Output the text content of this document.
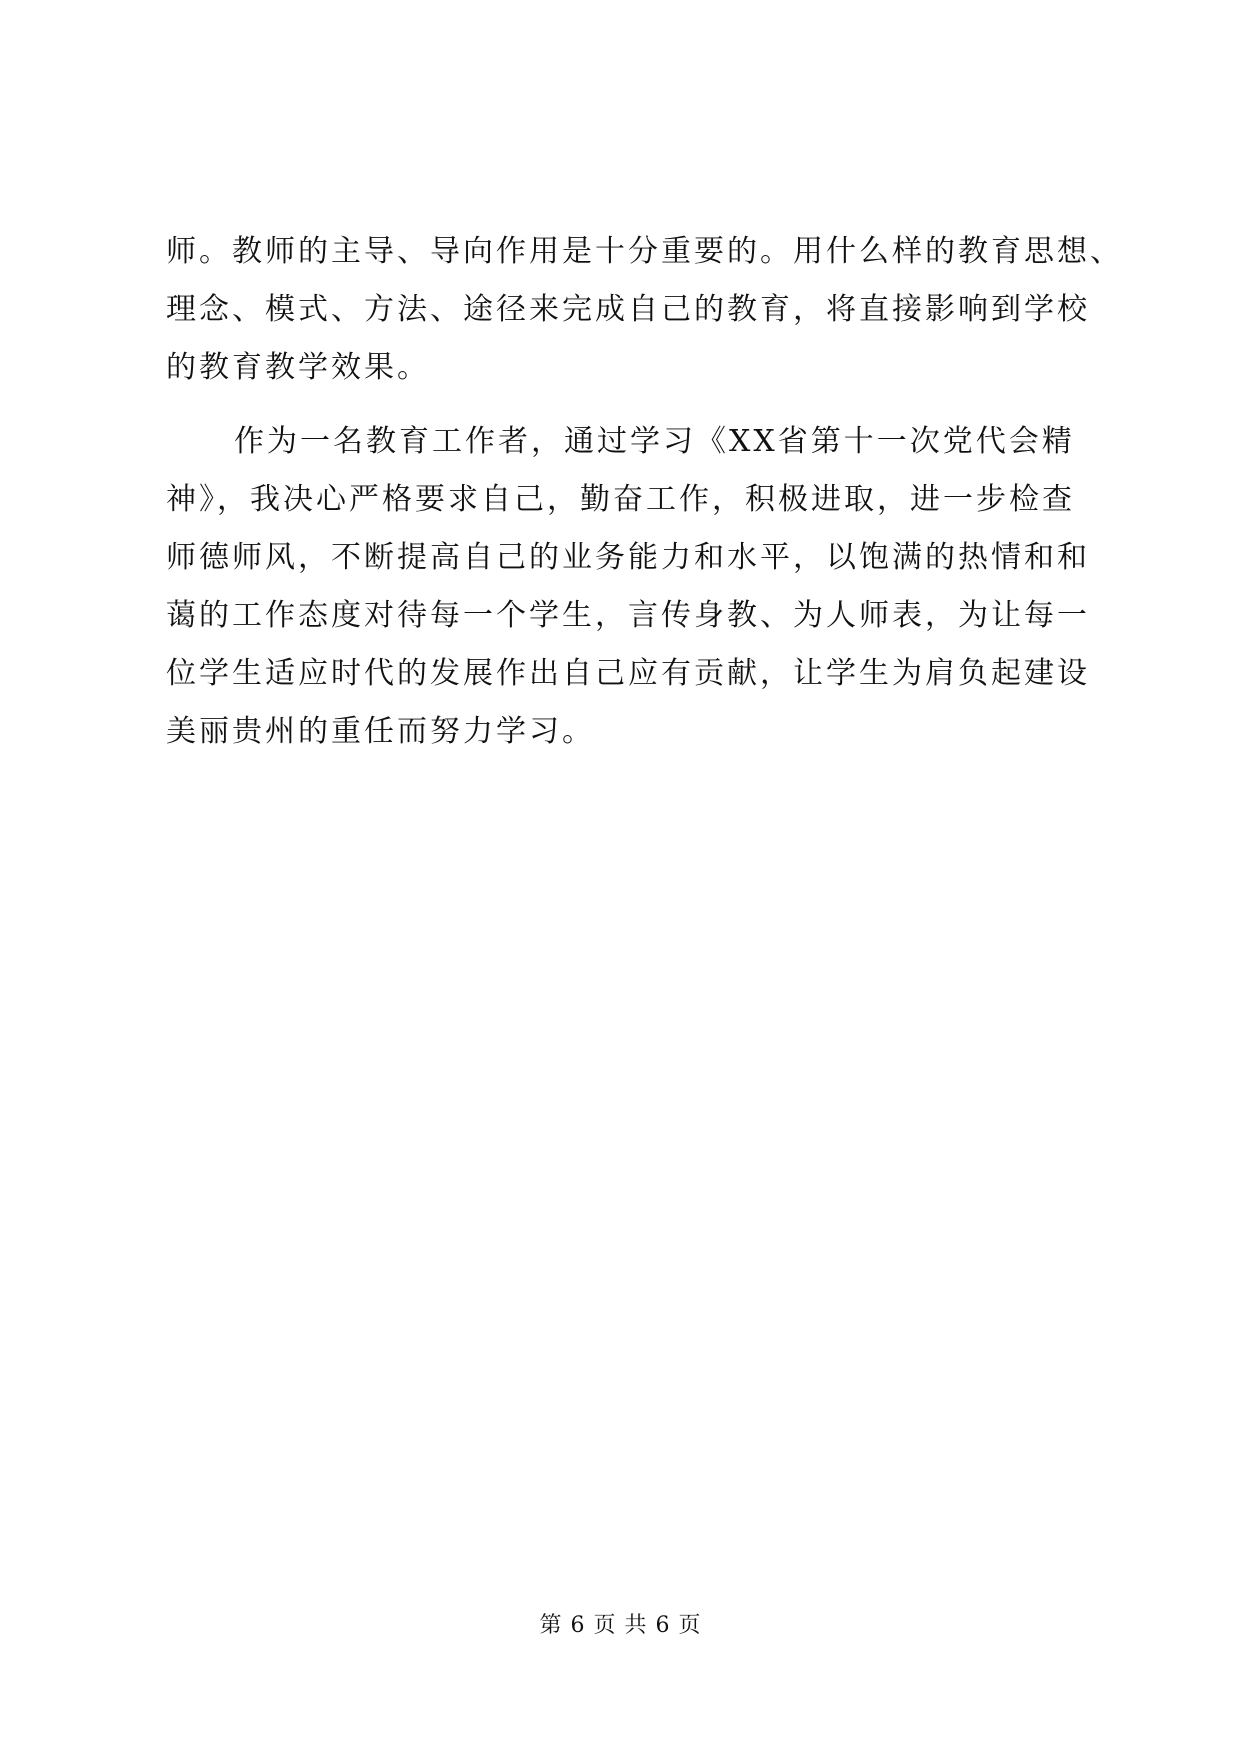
师。教师的主导、导向作用是十分重要的。用什么样的教育思想、
理念、模式、方法、途径来完成自己的教育，将直接影响到学校
的教育教学效果。
作为一名教育工作者，通过学习《XX省第十一次党代会精
神》，我决心严格要求自己，勤奋工作，积极进取，进一步检查
师德师风，不断提高自己的业务能力和水平，以饱满的热情和和
蔼的工作态度对待每一个学生，言传身教、为人师表，为让每一
位学生适应时代的发展作出自己应有贡献，让学生为肩负起建设
美丽贵州的重任而努力学习。
第 6 页 共 6 页
